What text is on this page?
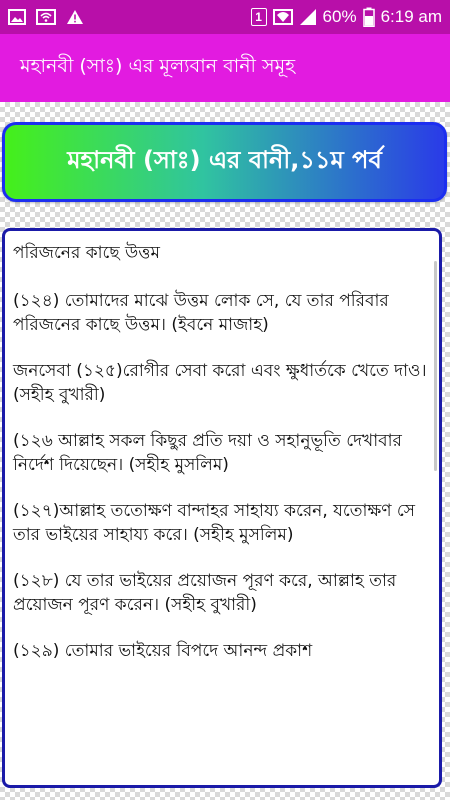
1	60% 6:19 am
মহানবী (সাঃ) এর মূল্যবান বানী সমূহ
মহানবী (সাঃ) এর বানী,১১ম পর্ব

পরিজনের কাছে উত্তম

(১২৪) তোমাদের মাঝে উত্তম লোক সে, যে তার পরিবার পরিজনের কাছে উত্তম। (ইবনে মাজাহ)

জনসেবা (১২৫)রোগীর সেবা করো এবং ক্ষুধার্তকে খেতে দাও। (সহীহ বুখারী)

(১২৬ আল্লাহ সকল কিছুর প্রতি দয়া ও সহানুভূতি দেখাবার নির্দেশ দিয়েছেন। (সহীহ মুসলিম)

(১২৭)আল্লাহ ততোক্ষণ বান্দাহর সাহায্য করেন, যতোক্ষণ সে তার ভাইয়ের সাহায্য করে। (সহীহ মুসলিম)

(১২৮) যে তার ভাইয়ের প্রয়োজন পূরণ করে, আল্লাহ তার প্রয়োজন পূরণ করেন। (সহীহ বুখারী)

(১২৯) তোমার ভাইয়ের বিপদে আনন্দ প্রকাশ
